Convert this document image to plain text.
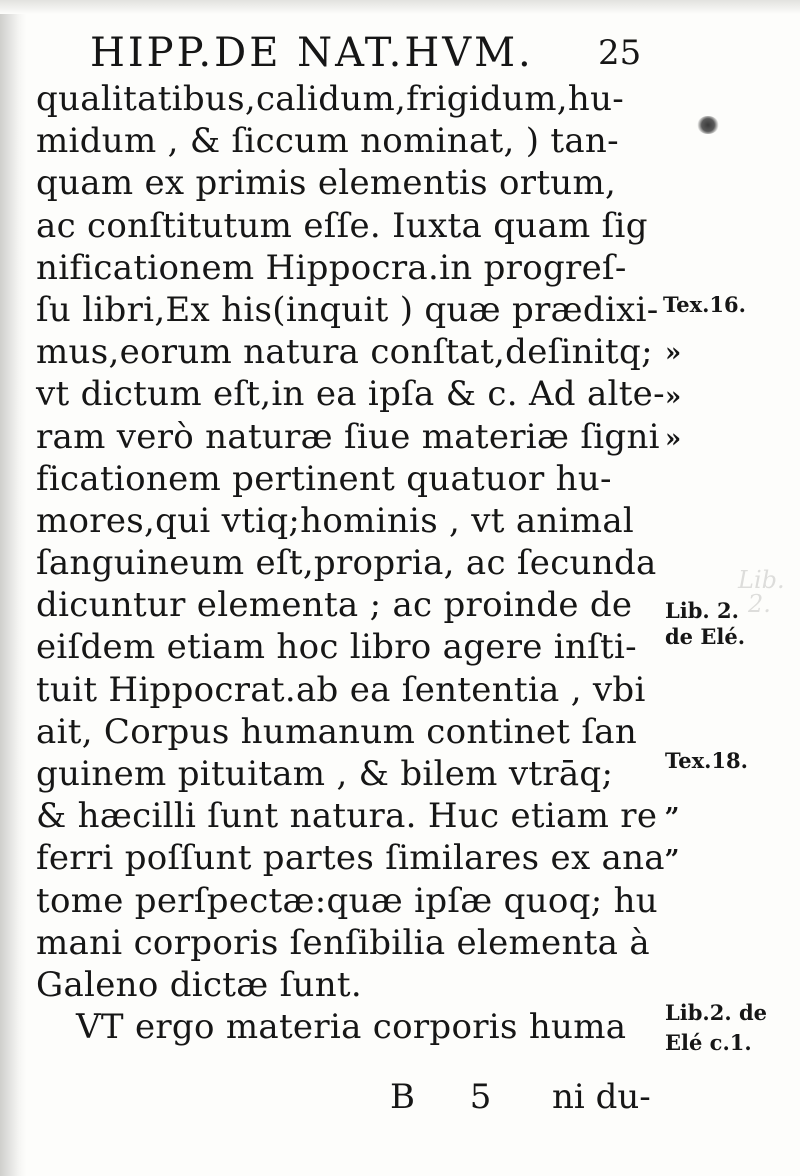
Lib.
2.
HIPP.DE NAT.HVM. 25
qualitatibus,calidum,frigidum,hu-
midum , & ſiccum nominat, ) tan-
quam ex primis elementis ortum,
ac conſtitutum eſſe. Iuxta quam ſig
nificationem Hippocra.in progreſ-
ſu libri,Ex his(inquit ) quæ prædixi-
mus,eorum natura conſtat,deſinitq;
vt dictum eſt,in ea ipſa & c. Ad alte-
ram verò naturæ ſiue materiæ ſigni
ficationem pertinent quatuor hu-
mores,qui vtiq;hominis , vt animal
ſanguineum eſt,propria, ac ſecunda
dicuntur elementa ; ac proinde de
eiſdem etiam hoc libro agere inſti-
tuit Hippocrat.ab ea ſententia , vbi
ait, Corpus humanum continet ſan
guinem pituitam , & bilem vtrāq;
& hæcilli ſunt natura. Huc etiam re
ferri poſſunt partes ſimilares ex ana
tome perſpectæ:quæ ipſæ quoq; hu
mani corporis ſenſibilia elementa à
Galeno dictæ ſunt.
VT ergo materia corporis huma
Tex.16.
»
»
»
Lib. 2.
de Elé.
Tex.18.
„
„
Lib.2. de
Elé c.1.
B 5 ni du-
